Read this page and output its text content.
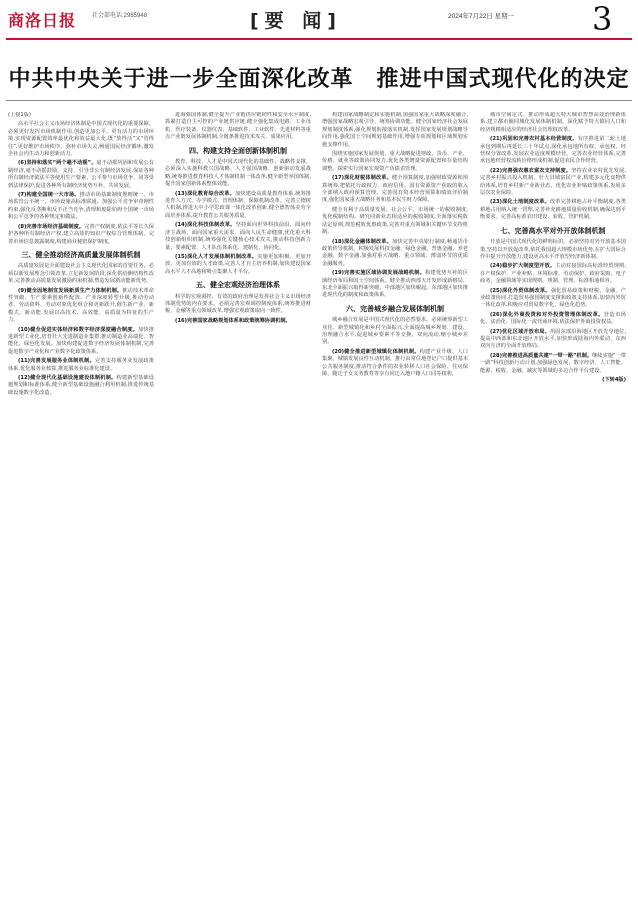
商洛日报	社会部电话:2985948	[要 闻]	2024年7月22日 星期一 3
中共中央关于进一步全面深化改革　推进中国式现代化的决定

(上接1版)

高水平社会主义市场经济体制是中国式现代化的重要保障。必须更好发挥市场机制作用,创造更加公平、更有活力的市场环境,实现资源配置效率最优化和效益最大化,既“放得活”又“管得住”,更好维护市场秩序、弥补市场失灵,畅通国民经济循环,激发全社会内生动力和创新活力。

(6)坚持和落实“两个毫不动摇”。毫不动摇巩固和发展公有制经济,毫不动摇鼓励、支持、引导非公有制经济发展,保证各种所有制经济依法平等使用生产要素、公平参与市场竞争、同等受到法律保护,促进各种所有制经济优势互补、共同发展。

(7)构建全国统一大市场。推动市场基础制度规则统一、市场监管公平统一、市场设施高标准联通。加强公平竞争审查刚性约束,强化反垄断和反不正当竞争,清理和废除妨碍全国统一市场和公平竞争的各种规定和做法。

(8)完善市场经济基础制度。完善产权制度,依法平等长久保护各种所有制经济产权,建立高效的知识产权综合管理体制。完善市场信息披露制度,构建商业秘密保护制度。

三、健全推动经济高质量发展体制机制

高质量发展是全面建设社会主义现代化国家的首要任务。必须以新发展理念引领改革,立足新发展阶段,深化供给侧结构性改革,完善推动高质量发展激励约束机制,塑造发展新动能新优势。

(9)健全因地制宜发展新质生产力体制机制。推动技术革命性突破、生产要素创新性配置、产业深度转型升级,推动劳动者、劳动资料、劳动对象优化组合和更新跃升,催生新产业、新模式、新动能,发展以高技术、高效能、高质量为特征的生产力。

(10)健全促进实体经济和数字经济深度融合制度。加快推进新型工业化,培育壮大先进制造业集群,推动制造业高端化、智能化、绿色化发展。加快构建促进数字经济发展体制机制,完善促进数字产业化和产业数字化政策体系。

(11)完善发展服务业体制机制。完善支持服务业发展政策体系,优化服务业核算,推进服务业标准化建设。

(12)健全现代化基础设施建设体制机制。构建新型基础设施规划和标准体系,健全新型基础设施融合利用机制,推进传统基础设施数字化改造。

进海强国体制,健全提升产业链供应链韧性和安全水平制度,抓紧打造自主可控的产业链供应链,健全强化集成电路、工业母机、医疗装备、仪器仪表、基础软件、工业软件、先进材料等重点产业链发展体制机制,全链条推进技术攻关、成果应用。

四、构建支持全面创新体制机制

教育、科技、人才是中国式现代化的基础性、战略性支撑。必须深入实施科教兴国战略、人才强国战略、创新驱动发展战略,统筹推进教育科技人才体制机制一体改革,健全新型举国体制,提升国家创新体系整体效能。

(13)深化教育综合改革。加快建设高质量教育体系,统筹推进育人方式、办学模式、管理体制、保障机制改革。完善立德树人机制,推进大中小学思政课一体化改革创新,健全德智体美劳全面培养体系,提升教育公共服务质量。

(14)深化科技体制改革。坚持面向世界科技前沿、面向经济主战场、面向国家重大需求、面向人民生命健康,优化重大科技创新组织机制,统筹强化关键核心技术攻关,推动科技创新力量、要素配置、人才队伍体系化、建制化、协同化。

(15)深化人才发展体制机制改革。实施更加积极、更加开放、更加有效的人才政策,完善人才自主培养机制,加快建设国家高水平人才高地和吸引集聚人才平台。

五、健全宏观经济治理体系

科学的宏观调控、有效的政府治理是发挥社会主义市场经济体制优势的内在要求。必须完善宏观调控制度体系,统筹推进财税、金融等重点领域改革,增强宏观政策取向一致性。

(16)完善国家战略规划体系和政策统筹协调机制。

构建国家战略制定和实施机制,加强国家重大战略深度融合,增强国家战略宏观引导、统筹协调功能。健全国家经济社会发展规划制度体系,强化规划衔接落实机制,发挥国家发展规划战略导向作用,强化国土空间规划基础作用,增强专项规划和区域规划实施支撑作用。

围绕实施国家发展规划、重大战略促进财政、货币、产业、价格、就业等政策协同发力,优化各类增量资源配置和存量结构调整。探索实行国家宏观资产负债表管理。

(17)深化财税体制改革。健全预算制度,加强财政资源和预算统筹,把依托行政权力、政府信用、国有资源资产获取的收入全部纳入政府预算管理。完善国有资本经营预算和绩效评价制度,强化国家重大战略任务和基本民生财力保障。

健全有利于高质量发展、社会公平、市场统一的税收制度,优化税制结构。研究同新业态相适应的税收制度,全面落实税收法定原则,规范税收优惠政策,完善对重点领域和关键环节支持机制。

(18)深化金融体制改革。加快完善中央银行制度,畅通货币政策传导机制。积极发展科技金融、绿色金融、普惠金融、养老金融、数字金融,加强对重大战略、重点领域、薄弱环节的优质金融服务。

(19)完善实施区域协调发展战略机制。构建优势互补的区域经济布局和国土空间体系。健全推动西部大开发形成新格局、东北全面振兴取得新突破、中部地区加快崛起、东部地区加快推进现代化的制度和政策体系。

六、完善城乡融合发展体制机制

城乡融合发展是中国式现代化的必然要求。必须统筹新型工业化、新型城镇化和乡村全面振兴,全面提高城乡规划、建设、治理融合水平,促进城乡要素平等交换、双向流动,缩小城乡差别。

(20)健全推进新型城镇化体制机制。构建产业升级、人口集聚、城镇发展良性互动机制。推行由常住地登记户口提供基本公共服务制度,推动符合条件的农业转移人口社会保险、住房保障、随迁子女义务教育等享有同迁入地户籍人口同等权利。

城市空间定式、推动形成超大特大城市智慧高效治理新体系,建立都市圈同城化发展体制机制。深化赋予特大镇同人口和经济规模相适应的经济社会管理权改革。

(21)巩固和完善农村基本经营制度。有序推进第二轮土地承包到期后再延长三十年试点,深化承包地所有权、承包权、经营权分置改革,发展农业适度规模经营。完善农业经营体系,完善承包地经营权流转价格形成机制,促进农民合作经营。

(22)完善强农惠农富农支持制度。坚持农业农村优先发展,完善乡村振兴投入机制。壮大县域富民产业,构建多元化食物供给体系,培育乡村新产业新业态。优化农业补贴政策体系,发展多层次农业保险。

(23)深化土地制度改革。改革完善耕地占补平衡制度,各类耕地占用纳入统一管理,完善补充耕地质量验收机制,确保达到平衡要求。完善高标准农田建设、验收、管护机制。

七、完善高水平对外开放体制机制

开放是中国式现代化的鲜明标识。必须坚持对外开放基本国策,坚持以开放促改革,依托我国超大规模市场优势,在扩大国际合作中提升开放能力,建设更高水平开放型经济新体制。

(24)稳步扩大制度型开放。主动对接国际高标准经贸规则,在产权保护、产业补贴、环境标准、劳动保护、政府采购、电子商务、金融领域等实现规则、规制、管理、标准相通相容。

(25)深化外贸体制改革。强化贸易政策和财税、金融、产业政策协同,打造贸易强国制度支撑和政策支持体系,加快内外贸一体化改革,积极应对贸易数字化、绿色化趋势。

(26)深化外商投资和对外投资管理体制改革。营造市场化、法治化、国际化一流营商环境,依法保护外商投资权益。

(27)优化区域开放布局。巩固东部沿海地区开放先导地位,提高中西部和东北地区开放水平,加快形成陆海内外联动、东西双向互济的全面开放格局。

(28)完善推进高质量共建“一带一路”机制。继续实施“一带一路”科技创新行动计划,加强绿色发展、数字经济、人工智能、能源、税收、金融、减灾等领域的多边合作平台建设。

(下转4版)
